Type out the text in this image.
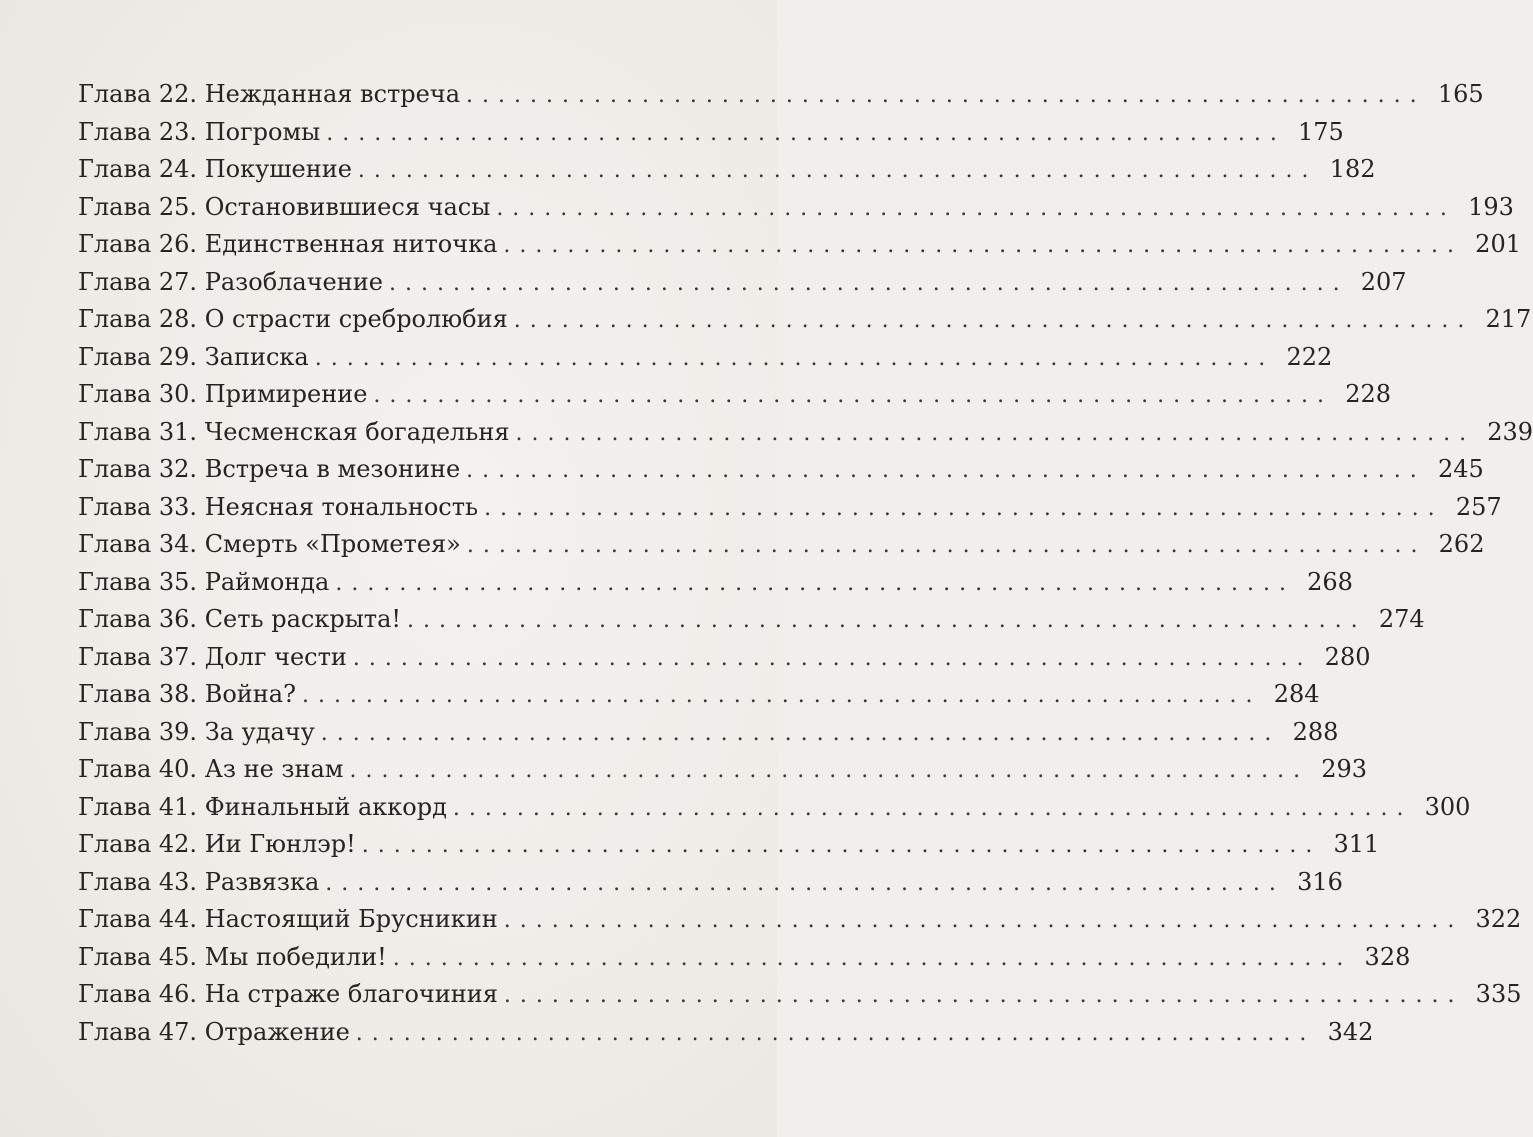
Глава 22. Нежданная встреча ............................................................ 165
Глава 23. Погромы ............................................................ 175
Глава 24. Покушение ............................................................ 182
Глава 25. Остановившиеся часы ............................................................ 193
Глава 26. Единственная ниточка ............................................................ 201
Глава 27. Разоблачение ............................................................ 207
Глава 28. О страсти сребролюбия ............................................................ 217
Глава 29. Записка ............................................................ 222
Глава 30. Примирение ............................................................ 228
Глава 31. Чесменская богадельня ............................................................ 239
Глава 32. Встреча в мезонине ............................................................ 245
Глава 33. Неясная тональность ............................................................ 257
Глава 34. Смерть «Прометея» ............................................................ 262
Глава 35. Раймонда ............................................................ 268
Глава 36. Сеть раскрыта! ............................................................ 274
Глава 37. Долг чести ............................................................ 280
Глава 38. Война? ............................................................ 284
Глава 39. За удачу ............................................................ 288
Глава 40. Аз не знам ............................................................ 293
Глава 41. Финальный аккорд ............................................................ 300
Глава 42. Ии Гюнлэр! ............................................................ 311
Глава 43. Развязка ............................................................ 316
Глава 44. Настоящий Брусникин ............................................................ 322
Глава 45. Мы победили! ............................................................ 328
Глава 46. На страже благочиния ............................................................ 335
Глава 47. Отражение ............................................................ 342
